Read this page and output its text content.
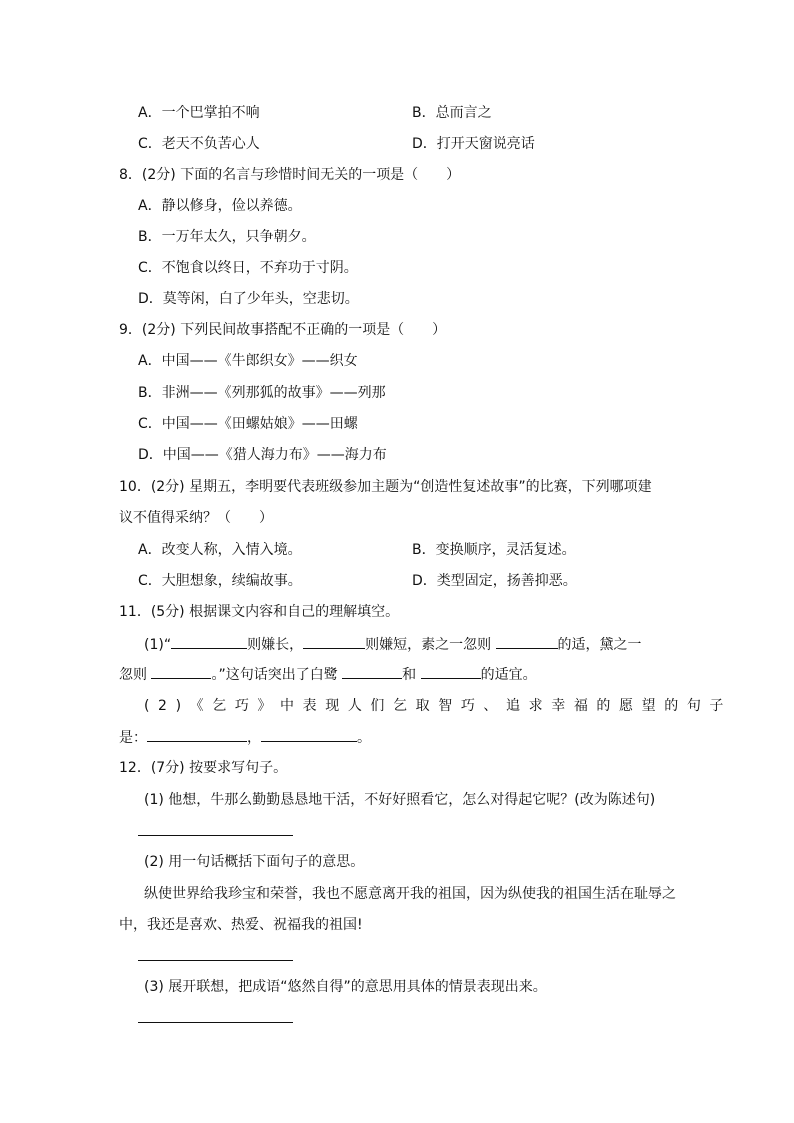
A．一个巴掌拍不响	B．总而言之
C．老天不负苦心人	D．打开天窗说亮话
8．(2分) 下面的名言与珍惜时间无关的一项是（　　）
A．静以修身，俭以养德。
B．一万年太久，只争朝夕。
C．不饱食以终日，不弃功于寸阴。
D．莫等闲，白了少年头，空悲切。
9．(2分) 下列民间故事搭配不正确的一项是（　　）
A．中国——《牛郎织女》——织女
B．非洲——《列那狐的故事》——列那
C．中国——《田螺姑娘》——田螺
D．中国——《猎人海力布》——海力布
10．(2分) 星期五，李明要代表班级参加主题为“创造性复述故事”的比赛，下列哪项建
议不值得采纳？（　　）
A．改变人称，入情入境。	B．变换顺序，灵活复述。
C．大胆想象，续编故事。	D．类型固定，扬善抑恶。
11．(5分) 根据课文内容和自己的理解填空。
(1)“	则嫌长，	则嫌短，素之一忽则	的适，黛之一
忽则	。”这句话突出了白鹭	和	的适宜。
(2)《乞巧》中表现人们乞取智巧、追求幸福的愿望的句子
是：	，	。
12．(7分) 按要求写句子。
(1) 他想，牛那么勤勤恳恳地干活，不好好照看它，怎么对得起它呢？(改为陈述句)
(2) 用一句话概括下面句子的意思。
纵使世界给我珍宝和荣誉，我也不愿意离开我的祖国，因为纵使我的祖国生活在耻辱之
中，我还是喜欢、热爱、祝福我的祖国!
(3) 展开联想，把成语“悠然自得”的意思用具体的情景表现出来。
